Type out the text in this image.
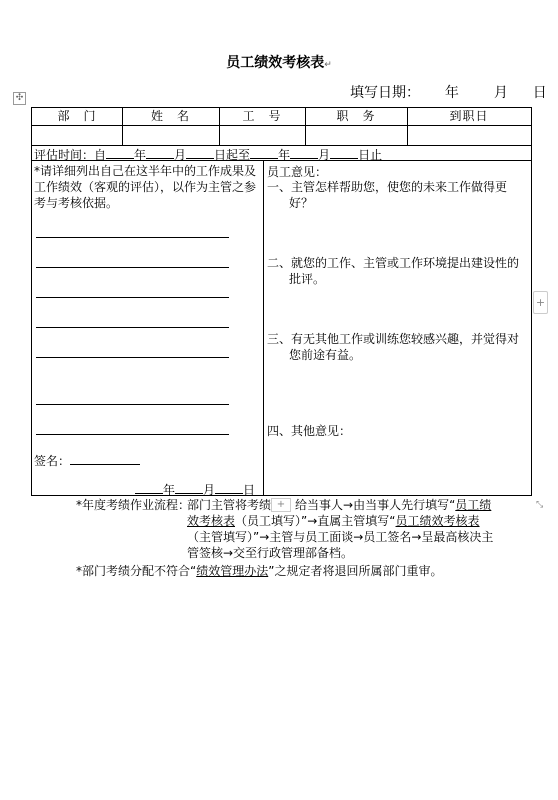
员工绩效考核表↵
填写日期： 年 月 日
✣
部　门	姓　名	工　号	职　务	到职日
评估时间：自 年 月 日起至 年 月 日止
*请详细列出自己在这半年中的工作成果及工作绩效（客观的评估），以作为主管之参考与考核依据。
签名：
年 月 日
员工意见：
一、主管怎样帮助您，使您的未来工作做得更好？
二、就您的工作、主管或工作环境提出建设性的批评。
三、有无其他工作或训练您较感兴趣，并觉得对您前途有益。
四、其他意见：
+
*年度考绩作业流程：
部门主管将考绩 给当事人→由当事人先行填写“员工绩效考核表（员工填写）”→直属主管填写“员工绩效考核表（主管填写）”→主管与员工面谈→员工签名→呈最高核决主管签核→交至行政管理部备档。
*部门考绩分配不符合“绩效管理办法”之规定者将退回所属部门重审。
+	⤡
